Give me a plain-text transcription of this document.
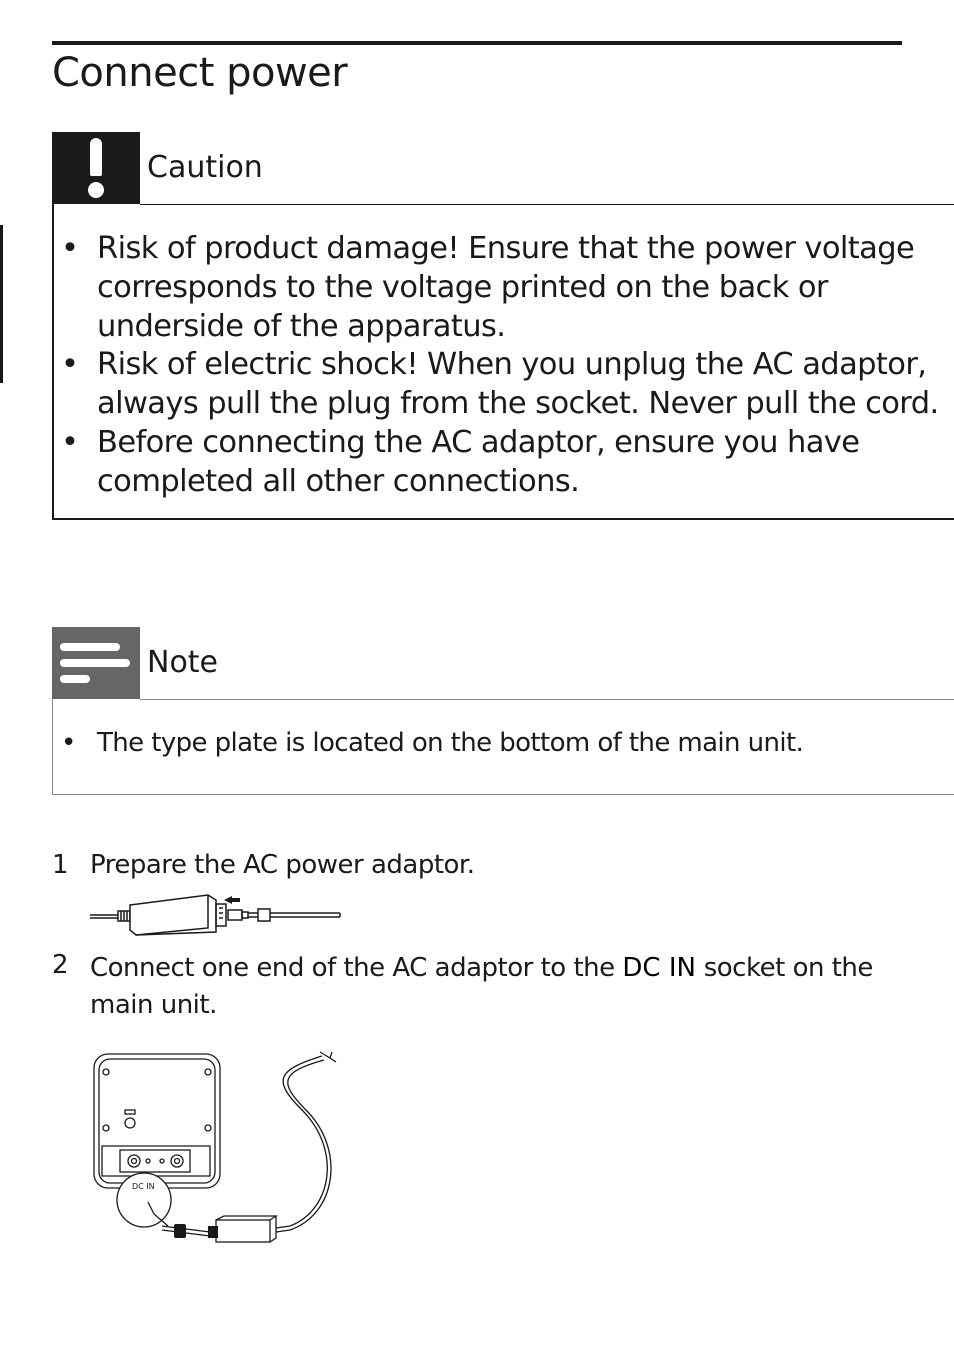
Connect power
Caution
• Risk of product damage! Ensure that the power voltage corresponds to the voltage printed on the back or underside of the apparatus.
• Risk of electric shock! When you unplug the AC adaptor, always pull the plug from the socket. Never pull the cord.
• Before connecting the AC adaptor, ensure you have completed all other connections.
Note
• The type plate is located on the bottom of the main unit.
1 Prepare the AC power adaptor.
2 Connect one end of the AC adaptor to the DC IN socket on the main unit.
DC IN
